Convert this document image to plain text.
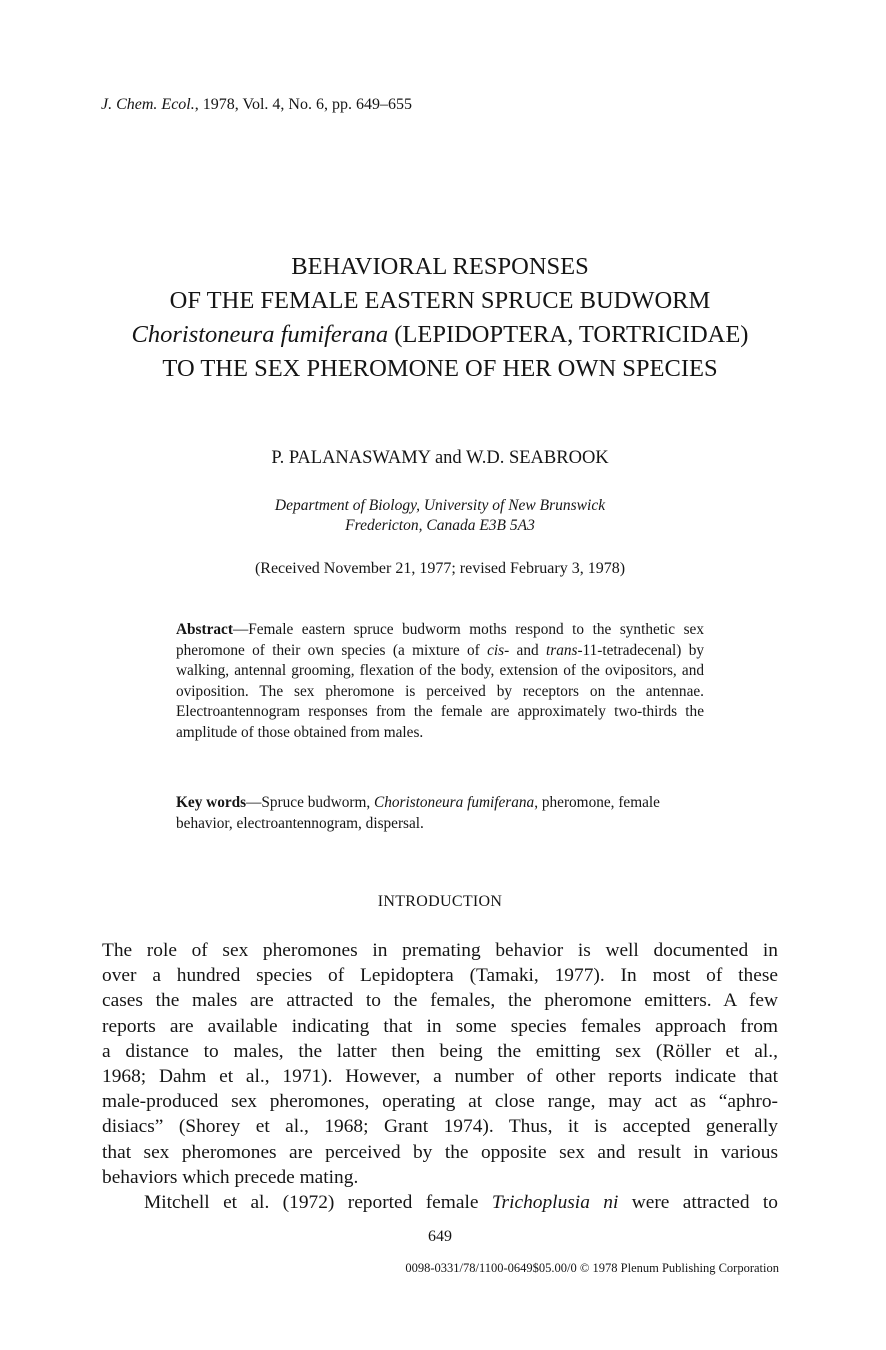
J. Chem. Ecol., 1978, Vol. 4, No. 6, pp. 649–655
BEHAVIORAL RESPONSES
OF THE FEMALE EASTERN SPRUCE BUDWORM
Choristoneura fumiferana (LEPIDOPTERA, TORTRICIDAE)
TO THE SEX PHEROMONE OF HER OWN SPECIES
P. PALANASWAMY and W.D. SEABROOK
Department of Biology, University of New Brunswick
Fredericton, Canada E3B 5A3
(Received November 21, 1977; revised February 3, 1978)
Abstract—Female eastern spruce budworm moths respond to the synthetic sex pheromone of their own species (a mixture of cis- and trans-11-tetradecenal) by walking, antennal grooming, flexation of the body, extension of the ovipositors, and oviposition. The sex pheromone is perceived by receptors on the antennae. Electroantennogram responses from the female are approximately two-thirds the amplitude of those obtained from males.
Key words—Spruce budworm, Choristoneura fumiferana, pheromone, female behavior, electroantennogram, dispersal.
INTRODUCTION
The role of sex pheromones in premating behavior is well documented in
over a hundred species of Lepidoptera (Tamaki, 1977). In most of these
cases the males are attracted to the females, the pheromone emitters. A few
reports are available indicating that in some species females approach from
a distance to males, the latter then being the emitting sex (Röller et al.,
1968; Dahm et al., 1971). However, a number of other reports indicate that
male-produced sex pheromones, operating at close range, may act as “aphro-
disiacs” (Shorey et al., 1968; Grant 1974). Thus, it is accepted generally
that sex pheromones are perceived by the opposite sex and result in various
behaviors which precede mating.
Mitchell et al. (1972) reported female Trichoplusia ni were attracted to
649
0098-0331/78/1100-0649$05.00/0 © 1978 Plenum Publishing Corporation
